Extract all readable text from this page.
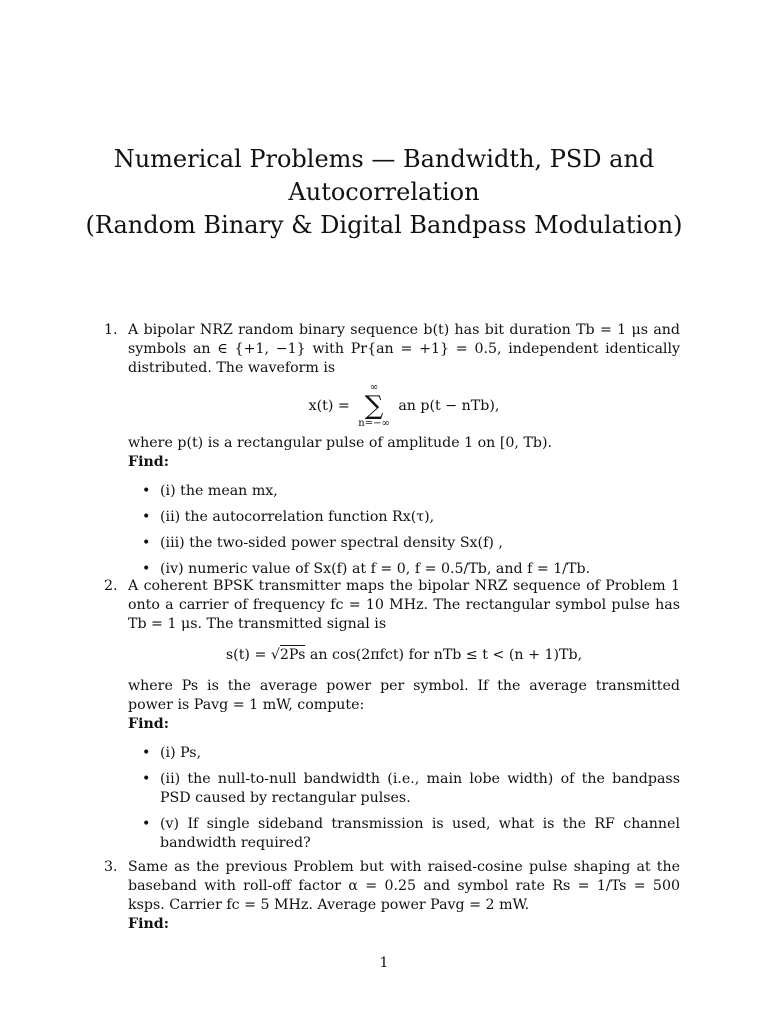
Numerical Problems — Bandwidth, PSD and
Autocorrelation
(Random Binary & Digital Bandpass Modulation)
1. A bipolar NRZ random binary sequence b(t) has bit duration Tb = 1 μs and symbols an ∈ {+1, −1} with Pr{an = +1} = 0.5, independent identically distributed. The waveform is

x(t) =
∞
∑
n=−∞
an p(t − nTb),

where p(t) is a rectangular pulse of amplitude 1 on [0, Tb).

Find:

• (i) the mean mx,
• (ii) the autocorrelation function Rx(τ),
• (iii) the two-sided power spectral density Sx(f) ,
• (iv) numeric value of Sx(f) at f = 0, f = 0.5/Tb, and f = 1/Tb.
2. A coherent BPSK transmitter maps the bipolar NRZ sequence of Problem 1 onto a carrier of frequency fc = 10 MHz. The rectangular symbol pulse has Tb = 1 μs. The transmitted signal is

s(t) = √2Ps an cos(2πfct) for nTb ≤ t < (n + 1)Tb,

where Ps is the average power per symbol. If the average transmitted power is Pavg = 1 mW, compute:

Find:

• (i) Ps,
• (ii) the null-to-null bandwidth (i.e., main lobe width) of the bandpass PSD caused by rectangular pulses.
• (v) If single sideband transmission is used, what is the RF channel bandwidth required?
3. Same as the previous Problem but with raised-cosine pulse shaping at the baseband with roll-off factor α = 0.25 and symbol rate Rs = 1/Ts = 500 ksps. Carrier fc = 5 MHz. Average power Pavg = 2 mW.

Find:

1
